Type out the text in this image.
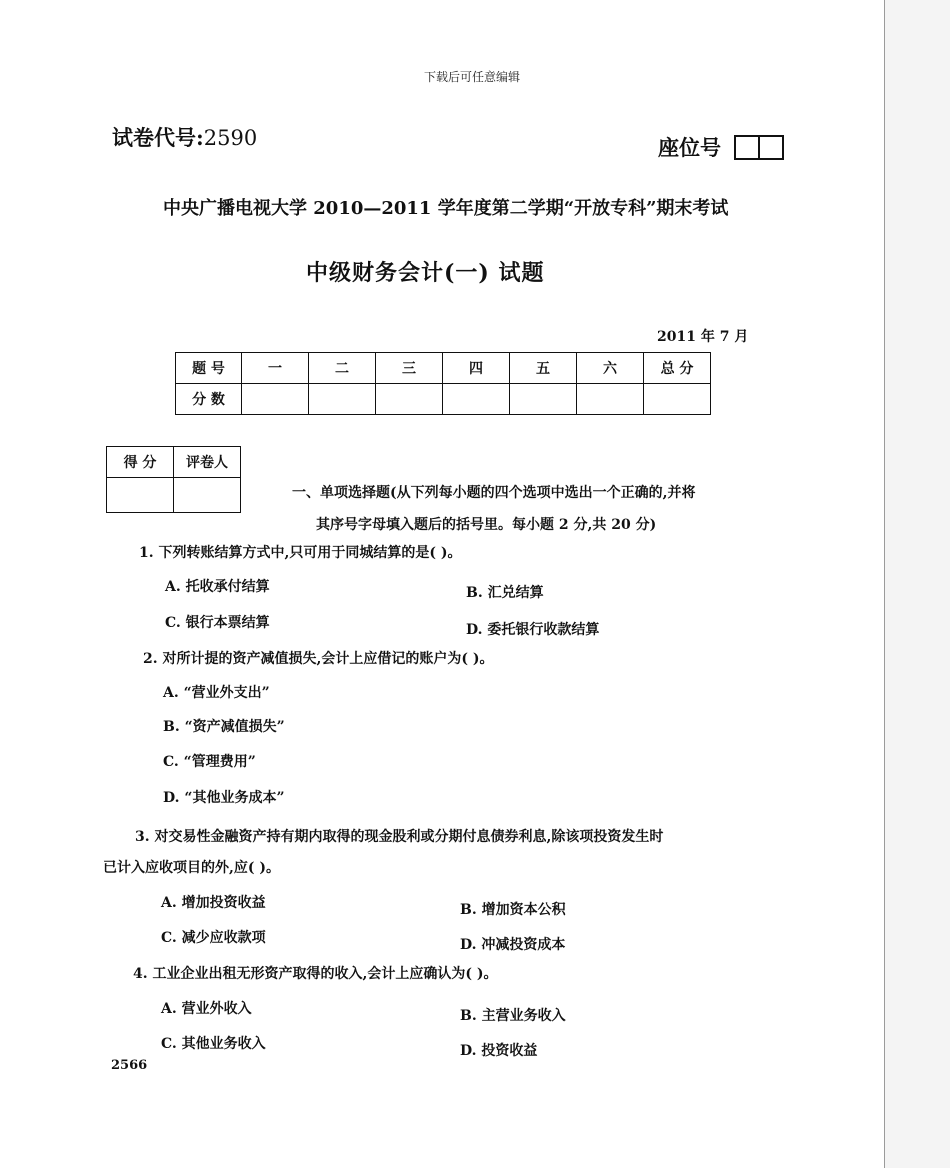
下载后可任意编辑
试卷代号:2590	座位号
中央广播电视大学 2010—2011 学年度第二学期“开放专科”期末考试
中级财务会计(一) 试题
2011 年 7 月
题 号	一	二	三	四	五	六	总 分
分 数							
得 分	评卷人

一、单项选择题(从下列每小题的四个选项中选出一个正确的,并将
其序号字母填入题后的括号里。每小题 2 分,共 20 分)
1. 下列转账结算方式中,只可用于同城结算的是( )。
A. 托收承付结算	B. 汇兑结算
C. 银行本票结算	D. 委托银行收款结算
2. 对所计提的资产减值损失,会计上应借记的账户为( )。
A. “营业外支出”
B. “资产减值损失”
C. “管理费用”
D. “其他业务成本”
3. 对交易性金融资产持有期内取得的现金股利或分期付息债券利息,除该项投资发生时
已计入应收项目的外,应( )。
A. 增加投资收益	B. 增加资本公积
C. 减少应收款项	D. 冲减投资成本
4. 工业企业出租无形资产取得的收入,会计上应确认为( )。
A. 营业外收入	B. 主营业务收入
C. 其他业务收入	D. 投资收益
2566
